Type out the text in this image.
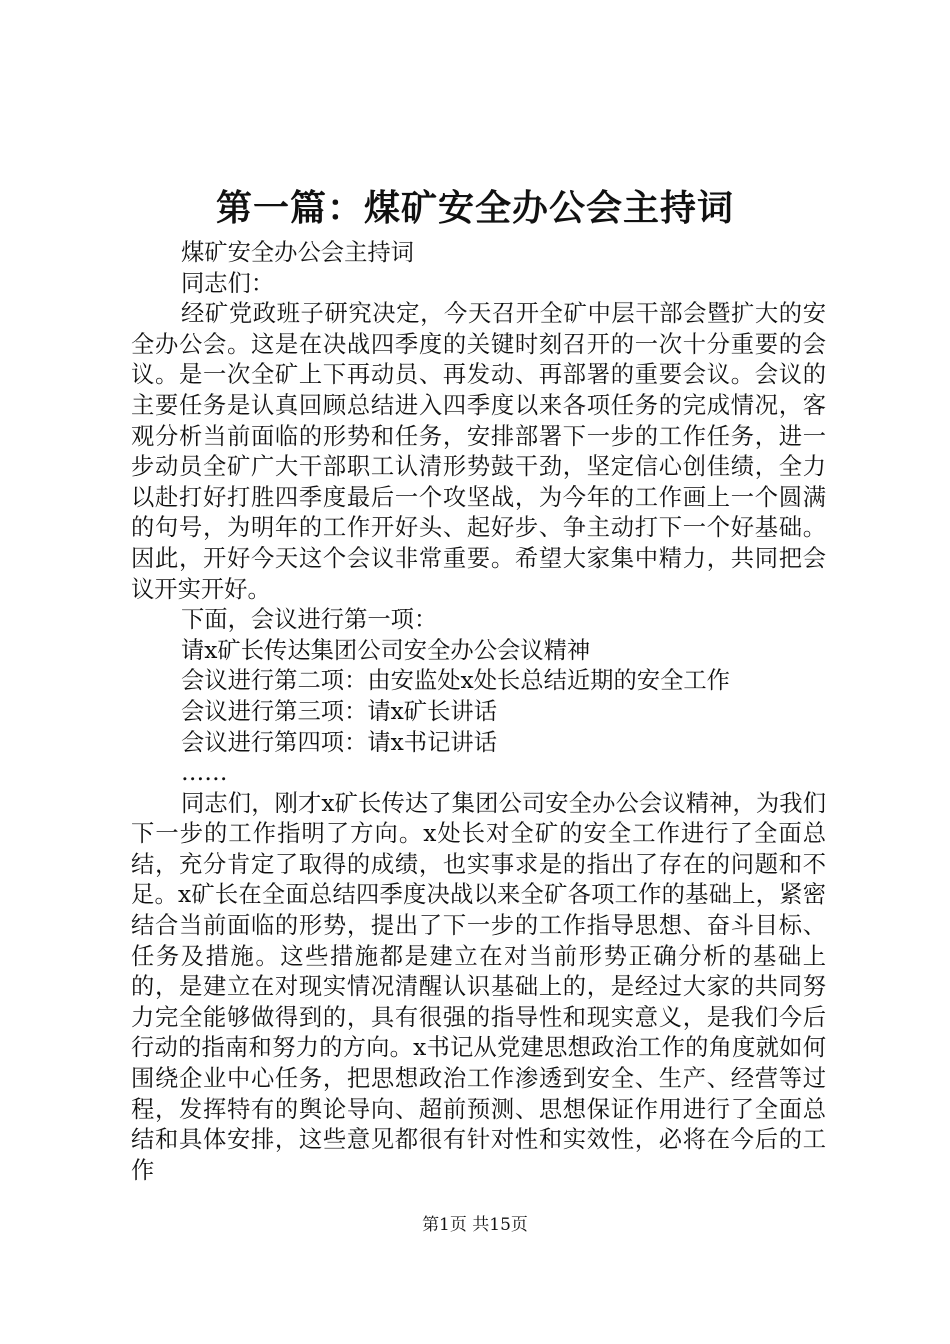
第一篇：煤矿安全办公会主持词

煤矿安全办公会主持词

同志们：

经矿党政班子研究决定，今天召开全矿中层干部会暨扩大的安全办公会。这是在决战四季度的关键时刻召开的一次十分重要的会议。是一次全矿上下再动员、再发动、再部署的重要会议。会议的主要任务是认真回顾总结进入四季度以来各项任务的完成情况，客观分析当前面临的形势和任务，安排部署下一步的工作任务，进一步动员全矿广大干部职工认清形势鼓干劲，坚定信心创佳绩，全力以赴打好打胜四季度最后一个攻坚战，为今年的工作画上一个圆满的句号，为明年的工作开好头、起好步、争主动打下一个好基础。因此，开好今天这个会议非常重要。希望大家集中精力，共同把会议开实开好。

下面，会议进行第一项：

请x矿长传达集团公司安全办公会议精神

会议进行第二项：由安监处x处长总结近期的安全工作

会议进行第三项：请x矿长讲话

会议进行第四项：请x书记讲话

……

同志们，刚才x矿长传达了集团公司安全办公会议精神，为我们下一步的工作指明了方向。x处长对全矿的安全工作进行了全面总结，充分肯定了取得的成绩，也实事求是的指出了存在的问题和不足。x矿长在全面总结四季度决战以来全矿各项工作的基础上，紧密结合当前面临的形势，提出了下一步的工作指导思想、奋斗目标、任务及措施。这些措施都是建立在对当前形势正确分析的基础上的，是建立在对现实情况清醒认识基础上的，是经过大家的共同努力完全能够做得到的，具有很强的指导性和现实意义，是我们今后行动的指南和努力的方向。x书记从党建思想政治工作的角度就如何围绕企业中心任务，把思想政治工作渗透到安全、生产、经营等过程，发挥特有的舆论导向、超前预测、思想保证作用进行了全面总结和具体安排，这些意见都很有针对性和实效性，必将在今后的工作

第1页 共15页
